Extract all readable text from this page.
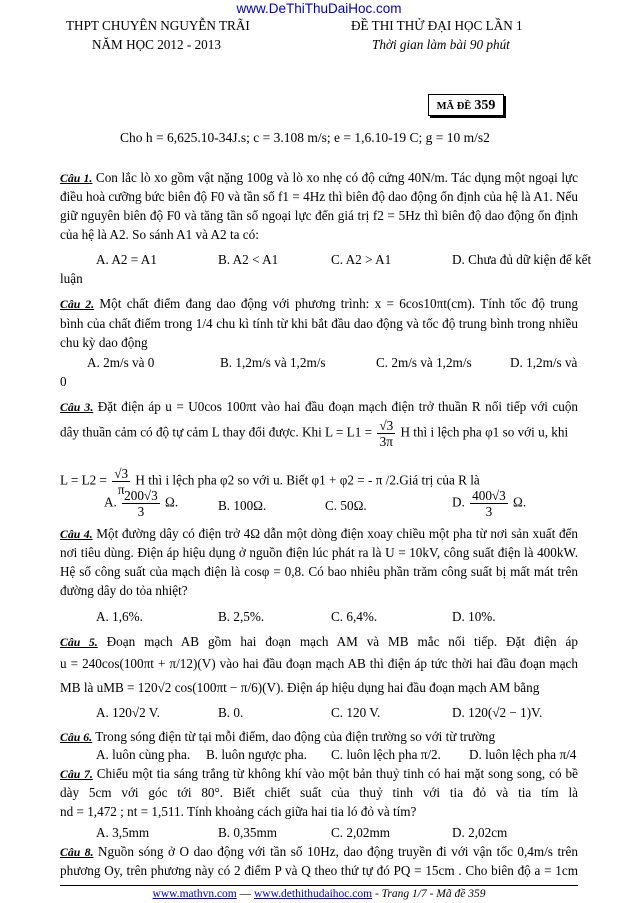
www.DeThiThuDaiHoc.com
THPT CHUYÊN NGUYỄN TRÃI
NĂM HỌC 2012 - 2013
ĐỀ THI THỬ ĐẠI HỌC LẦN 1
Thời gian làm bài 90 phút
MÃ ĐỀ 359
Cho h = 6,625.10-34J.s; c = 3.108 m/s; e = 1,6.10-19 C; g = 10 m/s2
Câu 1. Con lắc lò xo gồm vật nặng 100g và lò xo nhẹ có độ cứng 40N/m. Tác dụng một ngoại lực
điều hoà cưỡng bức biên độ F0 và tần số f1 = 4Hz thì biên độ dao động ổn định của hệ là A1. Nếu
giữ nguyên biên độ F0 và tăng tần số ngoại lực đến giá trị f2 = 5Hz thì biên độ dao động ổn định
của hệ là A2. So sánh A1 và A2 ta có:
A. A2 = A1	B. A2 < A1	C. A2 > A1	D. Chưa đủ dữ kiện để kết
luận
Câu 2. Một chất điểm đang dao động với phương trình: x = 6cos10πt(cm). Tính tốc độ trung
bình của chất điểm trong 1/4 chu kì tính từ khi bắt đầu dao động và tốc độ trung bình trong nhiều
chu kỳ dao động
A. 2m/s và 0	B. 1,2m/s và 1,2m/s	C. 2m/s và 1,2m/s	D. 1,2m/s và
0
Câu 3. Đặt điện áp u = U0cos 100πt vào hai đầu đoạn mạch điện trở thuần R nối tiếp với cuộn
dây thuần cảm có độ tự cảm L thay đổi được. Khi $L = L1 = \frac{√3}{3\pi}$ H thì i lệch pha φ1 so với u, khi
$L = L2 = \frac{√3}{\pi}$ H thì i lệch pha φ2 so với u. Biết φ1 + φ2 = - π /2.Giá trị của R là
A. $\frac{200√3}{3} \Omega$.	B. 100Ω.	C. 50Ω.	D. $\frac{400√3}{3} \Omega$.
Câu 4. Một đường dây có điện trở 4Ω dẫn một dòng điện xoay chiều một pha từ nơi sản xuất đến
nơi tiêu dùng. Điện áp hiệu dụng ở nguồn điện lúc phát ra là U = 10kV, công suất điện là 400kW.
Hệ số công suất của mạch điện là cosφ = 0,8. Có bao nhiêu phần trăm công suất bị mất mát trên
đường dây do tỏa nhiệt?
A. 1,6%.	B. 2,5%.	C. 6,4%.	D. 10%.
Câu 5. Đoạn mạch AB gồm hai đoạn mạch AM và MB mắc nối tiếp. Đặt điện áp
u = 240cos(100πt + π/12)(V) vào hai đầu đoạn mạch AB thì điện áp tức thời hai đầu đoạn mạch
MB là uMB = 120√2 cos(100πt − π/6)(V). Điện áp hiệu dụng hai đầu đoạn mạch AM bằng
A. 120√2 V.	B. 0.	C. 120 V.	D. 120(√2 − 1)V.
Câu 6. Trong sóng điện từ tại mỗi điểm, dao động của điện trường so với từ trường
A. luôn cùng pha. B. luôn ngược pha. C. luôn lệch pha π/2. D. luôn lệch pha π/4
Câu 7. Chiếu một tia sáng trắng từ không khí vào một bản thuỷ tinh có hai mặt song song, có bề
dày 5cm với góc tới 80°. Biết chiết suất của thuỷ tinh với tia đỏ và tia tím là
nd = 1,472 ; nt = 1,511. Tính khoảng cách giữa hai tia ló đỏ và tím?
A. 3,5mm	B. 0,35mm	C. 2,02mm	D. 2,02cm
Câu 8. Nguồn sóng ở O dao động với tần số 10Hz, dao động truyền đi với vận tốc 0,4m/s trên
phương Oy, trên phương này có 2 điểm P và Q theo thứ tự đó PQ = 15cm . Cho biên độ a = 1cm
www.mathvn.com — www.dethithudaihoc.com - Trang 1/7 - Mã đề 359
